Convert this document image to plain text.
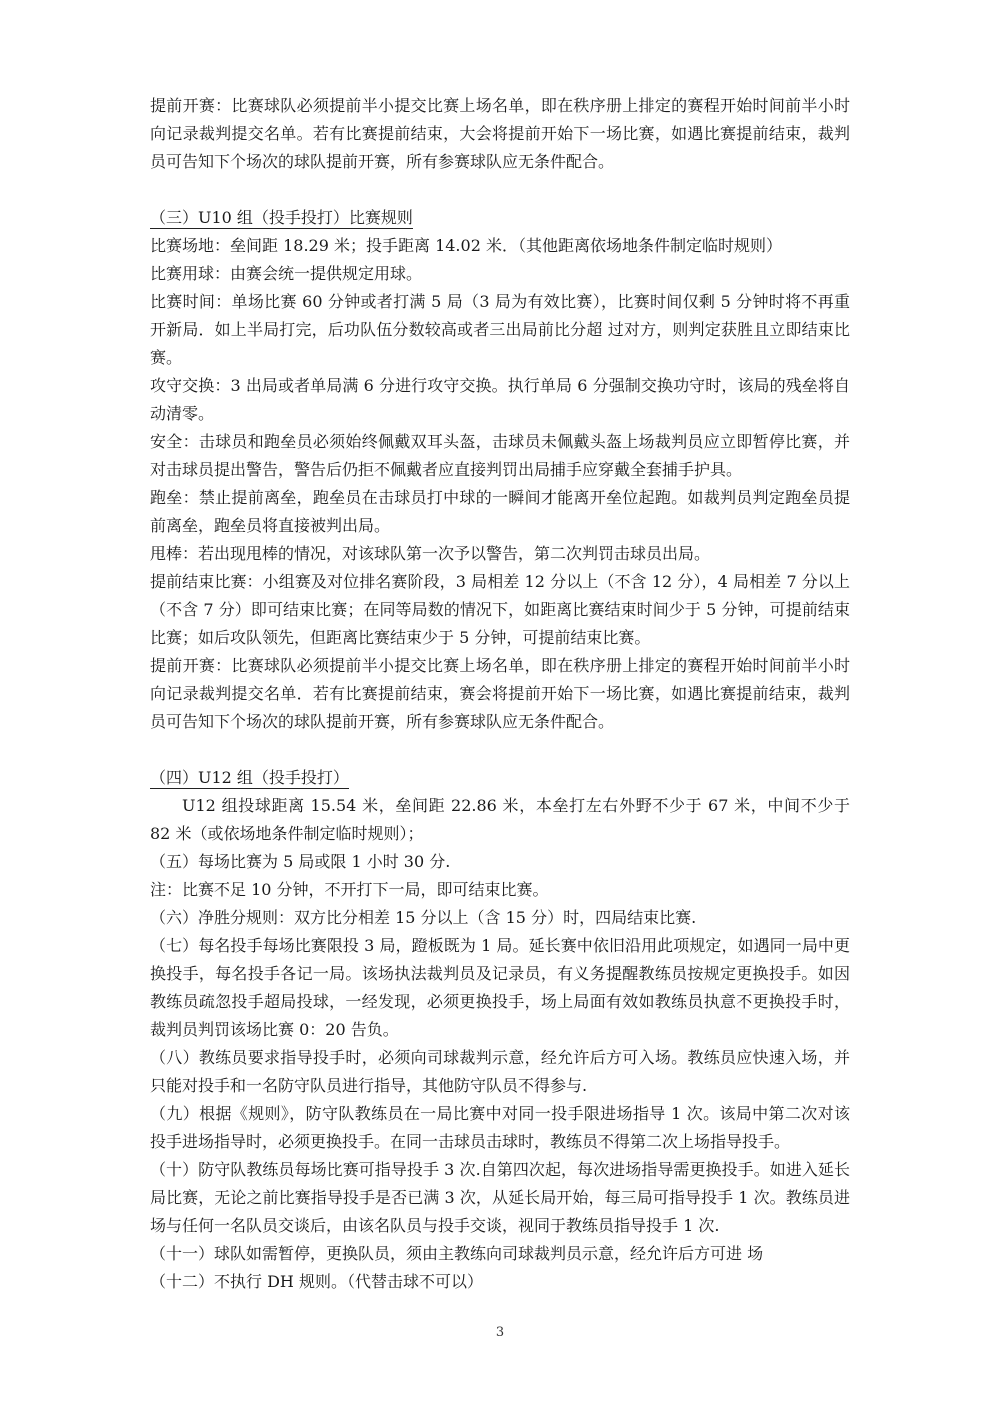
提前开赛：比赛球队必须提前半小提交比赛上场名单，即在秩序册上排定的赛程开始时间前半小时向记录裁判提交名单。若有比赛提前结束，大会将提前开始下一场比赛，如遇比赛提前结束，裁判员可告知下个场次的球队提前开赛，所有参赛球队应无条件配合。

（三）U10 组（投手投打）比赛规则

比赛场地：垒间距 18.29 米；投手距离 14.02 米．（其他距离依场地条件制定临时规则）

比赛用球：由赛会统一提供规定用球。

比赛时间：单场比赛 60 分钟或者打满 5 局（3 局为有效比赛），比赛时间仅剩 5 分钟时将不再重开新局．如上半局打完，后功队伍分数较高或者三出局前比分超 过对方，则判定获胜且立即结束比赛。

攻守交换：3 出局或者单局满 6 分进行攻守交换。执行单局 6 分强制交换功守时，该局的残垒将自动清零。

安全：击球员和跑垒员必须始终佩戴双耳头盔，击球员未佩戴头盔上场裁判员应立即暂停比赛，并对击球员提出警告，警告后仍拒不佩戴者应直接判罚出局捕手应穿戴全套捕手护具。

跑垒：禁止提前离垒，跑垒员在击球员打中球的一瞬间才能离开垒位起跑。如裁判员判定跑垒员提前离垒，跑垒员将直接被判出局。

甩棒：若出现甩棒的情况，对该球队第一次予以警告，第二次判罚击球员出局。

提前结束比赛：小组赛及对位排名赛阶段，3 局相差 12 分以上（不含 12 分），4 局相差 7 分以上（不含 7 分）即可结束比赛；在同等局数的情况下，如距离比赛结束时间少于 5 分钟，可提前结束比赛；如后攻队领先，但距离比赛结束少于 5 分钟，可提前结束比赛。

提前开赛：比赛球队必须提前半小提交比赛上场名单，即在秩序册上排定的赛程开始时间前半小时向记录裁判提交名单．若有比赛提前结束，赛会将提前开始下一场比赛，如遇比赛提前结束，裁判员可告知下个场次的球队提前开赛，所有参赛球队应无条件配合。

（四）U12 组（投手投打）

U12 组投球距离 15.54 米，垒间距 22.86 米，本垒打左右外野不少于 67 米，中间不少于 82 米（或依场地条件制定临时规则）；

（五）每场比赛为 5 局或限 1 小时 30 分.

注：比赛不足 10 分钟，不开打下一局，即可结束比赛。

（六）净胜分规则：双方比分相差 15 分以上（含 15 分）时，四局结束比赛.

（七）每名投手每场比赛限投 3 局，蹬板既为 1 局。延长赛中依旧沿用此项规定，如遇同一局中更换投手，每名投手各记一局。该场执法裁判员及记录员，有义务提醒教练员按规定更换投手。如因教练员疏忽投手超局投球，一经发现，必须更换投手，场上局面有效如教练员执意不更换投手时，裁判员判罚该场比赛 0：20 告负。

（八）教练员要求指导投手时，必须向司球裁判示意，经允许后方可入场。教练员应快速入场，并只能对投手和一名防守队员进行指导，其他防守队员不得参与.

（九）根据《规则》，防守队教练员在一局比赛中对同一投手限进场指导 1 次。该局中第二次对该投手进场指导时，必须更换投手。在同一击球员击球时，教练员不得第二次上场指导投手。

（十）防守队教练员每场比赛可指导投手 3 次.自第四次起，每次进场指导需更换投手。如进入延长局比赛，无论之前比赛指导投手是否已满 3 次，从延长局开始，每三局可指导投手 1 次。教练员进场与任何一名队员交谈后，由该名队员与投手交谈，视同于教练员指导投手 1 次.

（十一）球队如需暂停，更换队员，须由主教练向司球裁判员示意，经允许后方可进 场

（十二）不执行 DH 规则。（代替击球不可以）

3
